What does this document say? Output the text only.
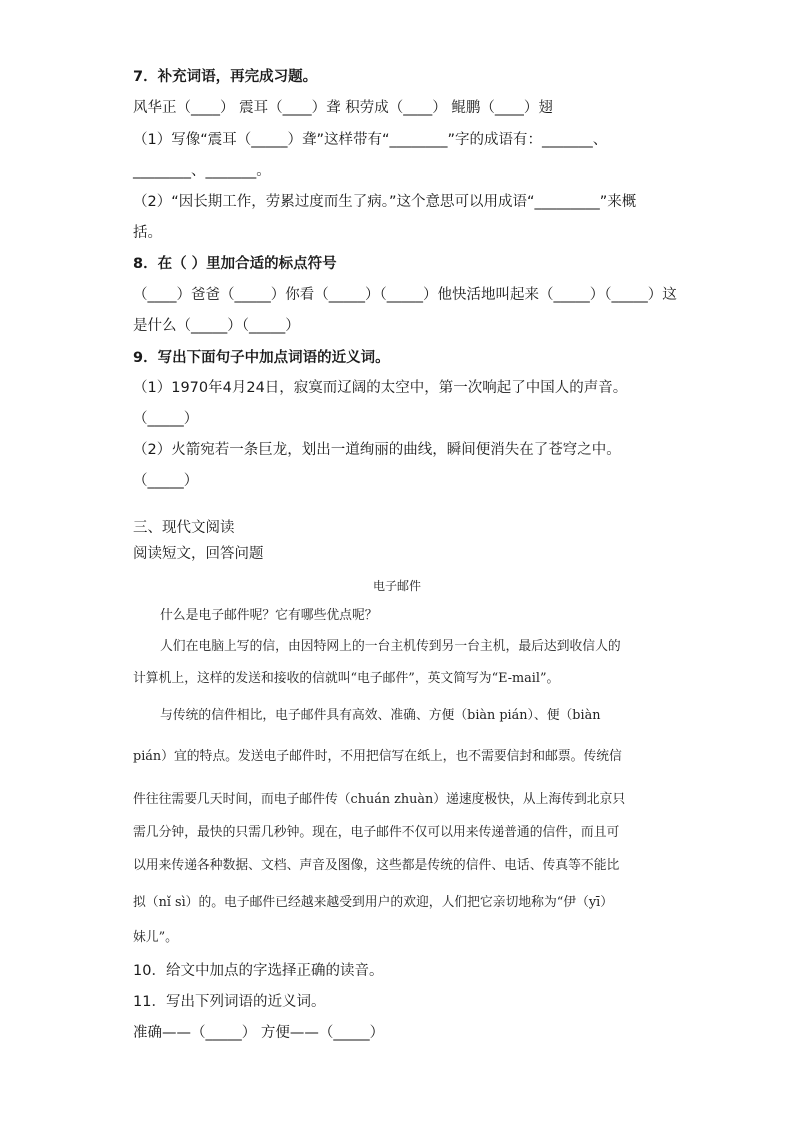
7．补充词语，再完成习题。
风华正（____） 震耳（____）聋 积劳成（____） 鲲鹏（____）翅
（1）写像“震耳（_____）聋”这样带有“________”字的成语有：_______、
________、_______。
（2）“因长期工作，劳累过度而生了病。”这个意思可以用成语“_________”来概
括。
8．在（ ）里加合适的标点符号
（____）爸爸（_____）你看（_____）（_____）他快活地叫起来（_____）（_____）这
是什么（_____）（_____）
9．写出下面句子中加点词语的近义词。
（1）1970年4月24日，寂寞而辽阔的太空中，第一次响起了中国人的声音。
（_____）
（2）火箭宛若一条巨龙，划出一道绚丽的曲线，瞬间便消失在了苍穹之中。
（_____）
三、现代文阅读
阅读短文，回答问题
电子邮件
什么是电子邮件呢？它有哪些优点呢？
人们在电脑上写的信，由因特网上的一台主机传到另一台主机，最后达到收信人的
计算机上，这样的发送和接收的信就叫“电子邮件”，英文简写为“E-mail”。
与传统的信件相比，电子邮件具有高效、准确、方便（biàn pián）、便（biàn
pián）宜的特点。发送电子邮件时，不用把信写在纸上，也不需要信封和邮票。传统信
件往往需要几天时间，而电子邮件传（chuán zhuàn）递速度极快，从上海传到北京只
需几分钟，最快的只需几秒钟。现在，电子邮件不仅可以用来传递普通的信件，而且可
以用来传递各种数据、文档、声音及图像，这些都是传统的信件、电话、传真等不能比
拟（nǐ sì）的。电子邮件已经越来越受到用户的欢迎，人们把它亲切地称为“伊（yī）
妹儿”。
10．给文中加点的字选择正确的读音。
11．写出下列词语的近义词。
准确——（_____） 方便——（_____）
